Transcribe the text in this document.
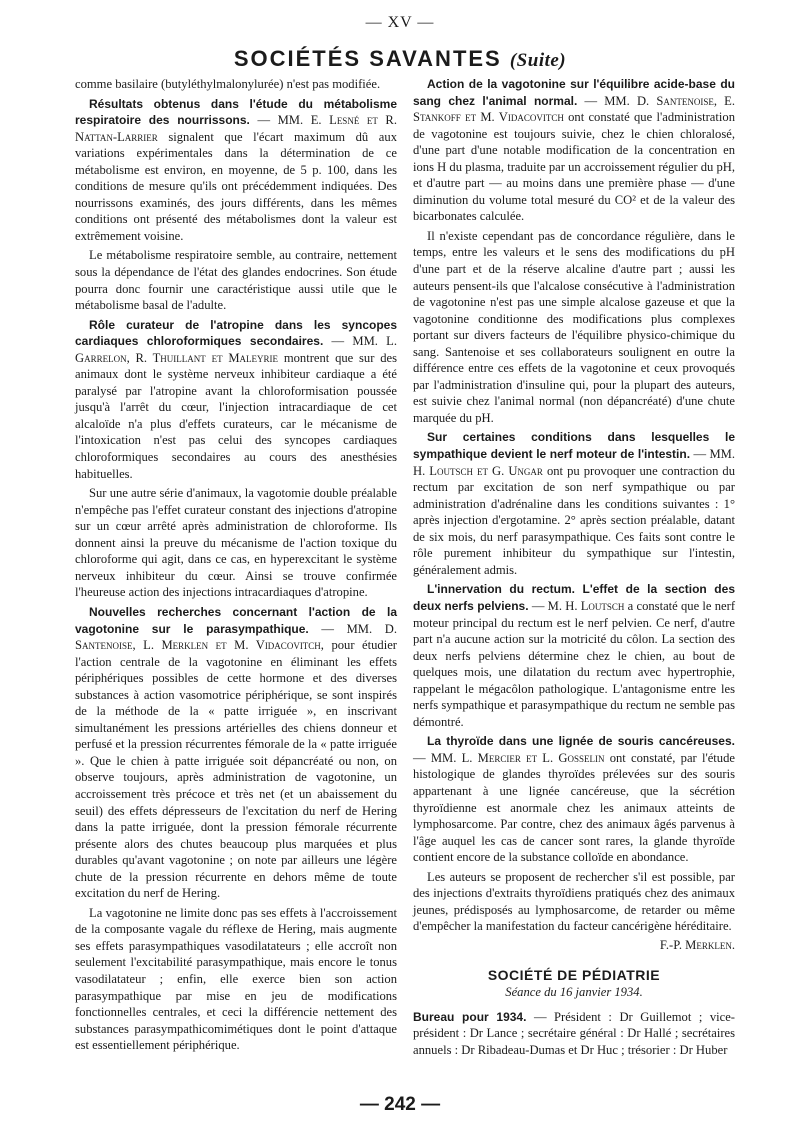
— XV —
SOCIÉTÉS SAVANTES (Suite)

comme basilaire (butyléthylmalonylurée) n'est pas modifiée.

Résultats obtenus dans l'étude du métabolisme respiratoire des nourrissons. — MM. E. Lesné et R. Nattan-Larrier signalent que l'écart maximum dû aux variations expérimentales dans la détermination de ce métabolisme est environ, en moyenne, de 5 p. 100, dans les conditions de mesure qu'ils ont précédemment indiquées. Des nourrissons examinés, des jours différents, dans les mêmes conditions ont présenté des métabolismes dont la valeur est extrêmement voisine.

Le métabolisme respiratoire semble, au contraire, nettement sous la dépendance de l'état des glandes endocrines. Son étude pourra donc fournir une caractéristique aussi utile que le métabolisme basal de l'adulte.

Rôle curateur de l'atropine dans les syncopes cardiaques chloroformiques secondaires. — MM. L. Garrelon, R. Thuillant et Maleyrie montrent que sur des animaux dont le système nerveux inhibiteur cardiaque a été paralysé par l'atropine avant la chloroformisation poussée jusqu'à l'arrêt du cœur, l'injection intracardiaque de cet alcaloïde n'a plus d'effets curateurs, car le mécanisme de l'intoxication n'est pas celui des syncopes cardiaques chloroformiques secondaires au cours des anesthésies habituelles.

Sur une autre série d'animaux, la vagotomie double préalable n'empêche pas l'effet curateur constant des injections d'atropine sur un cœur arrêté après administration de chloroforme. Ils donnent ainsi la preuve du mécanisme de l'action toxique du chloroforme qui agit, dans ce cas, en hyperexcitant le système nerveux inhibiteur du cœur. Ainsi se trouve confirmée l'heureuse action des injections intracardiaques d'atropine.

Nouvelles recherches concernant l'action de la vagotonine sur le parasympathique. — MM. D. Santenoise, L. Merklen et M. Vidacovitch, pour étudier l'action centrale de la vagotonine en éliminant les effets périphériques possibles de cette hormone et des diverses substances à action vasomotrice périphérique, se sont inspirés de la méthode de la « patte irriguée », en inscrivant simultanément les pressions artérielles des chiens donneur et perfusé et la pression récurrentes fémorale de la « patte irriguée ». Que le chien à patte irriguée soit dépancréaté ou non, on observe toujours, après administration de vagotonine, un accroissement très précoce et très net (et un abaissement du seuil) des effets dépresseurs de l'excitation du nerf de Hering dans la patte irriguée, dont la pression fémorale récurrente présente alors des chutes beaucoup plus marquées et plus durables qu'avant vagotonine ; on note par ailleurs une légère chute de la pression récurrente en dehors même de toute excitation du nerf de Hering.

La vagotonine ne limite donc pas ses effets à l'accroissement de la composante vagale du réflexe de Hering, mais augmente ses effets parasympathiques vasodilatateurs ; elle accroît non seulement l'excitabilité parasympathique, mais encore le tonus vasodilatateur ; enfin, elle exerce bien son action parasympathique par mise en jeu de modifications fonctionnelles centrales, et ceci la différencie nettement des substances parasympathicomimétiques dont le point d'attaque est essentiellement périphérique.

Action de la vagotonine sur l'équilibre acide-base du sang chez l'animal normal. — MM. D. Santenoise, E. Stankoff et M. Vidacovitch ont constaté que l'administration de vagotonine est toujours suivie, chez le chien chloralosé, d'une part d'une notable modification de la concentration en ions H du plasma, traduite par un accroissement régulier du pH, et d'autre part — au moins dans une première phase — d'une diminution du volume total mesuré du CO² et de la valeur des bicarbonates calculée.

Il n'existe cependant pas de concordance régulière, dans le temps, entre les valeurs et le sens des modifications du pH d'une part et de la réserve alcaline d'autre part ; aussi les auteurs pensent-ils que l'alcalose consécutive à l'administration de vagotonine n'est pas une simple alcalose gazeuse et que la vagotonine conditionne des modifications plus complexes portant sur divers facteurs de l'équilibre physico-chimique du sang. Santenoise et ses collaborateurs soulignent en outre la différence entre ces effets de la vagotonine et ceux provoqués par l'administration d'insuline qui, pour la plupart des auteurs, est suivie chez l'animal normal (non dépancréaté) d'une chute marquée du pH.

Sur certaines conditions dans lesquelles le sympathique devient le nerf moteur de l'intestin. — MM. H. Loutsch et G. Ungar ont pu provoquer une contraction du rectum par excitation de son nerf sympathique ou par administration d'adrénaline dans les conditions suivantes : 1° après injection d'ergotamine. 2° après section préalable, datant de six mois, du nerf parasympathique. Ces faits sont contre le rôle purement inhibiteur du sympathique sur l'intestin, généralement admis.

L'innervation du rectum. L'effet de la section des deux nerfs pelviens. — M. H. Loutsch a constaté que le nerf moteur principal du rectum est le nerf pelvien. Ce nerf, d'autre part n'a aucune action sur la motricité du côlon. La section des deux nerfs pelviens détermine chez le chien, au bout de quelques mois, une dilatation du rectum avec hypertrophie, rappelant le mégacôlon pathologique. L'antagonisme entre les nerfs sympathique et parasympathique du rectum ne semble pas démontré.

La thyroïde dans une lignée de souris cancéreuses. — MM. L. Mercier et L. Gosselin ont constaté, par l'étude histologique de glandes thyroïdes prélevées sur des souris appartenant à une lignée cancéreuse, que la sécrétion thyroïdienne est anormale chez les animaux atteints de lymphosarcome. Par contre, chez des animaux âgés parvenus à l'âge auquel les cas de cancer sont rares, la glande thyroïde contient encore de la substance colloïde en abondance.

Les auteurs se proposent de rechercher s'il est possible, par des injections d'extraits thyroïdiens pratiqués chez des animaux jeunes, prédisposés au lymphosarcome, de retarder ou même d'empêcher la manifestation du facteur cancérigène héréditaire.

F.-P. Merklen.
SOCIÉTÉ DE PÉDIATRIE
Séance du 16 janvier 1934.

Bureau pour 1934. — Président : Dr Guillemot ; vice-président : Dr Lance ; secrétaire général : Dr Hallé ; secrétaires annuels : Dr Ribadeau-Dumas et Dr Huc ; trésorier : Dr Huber

— 242 —
